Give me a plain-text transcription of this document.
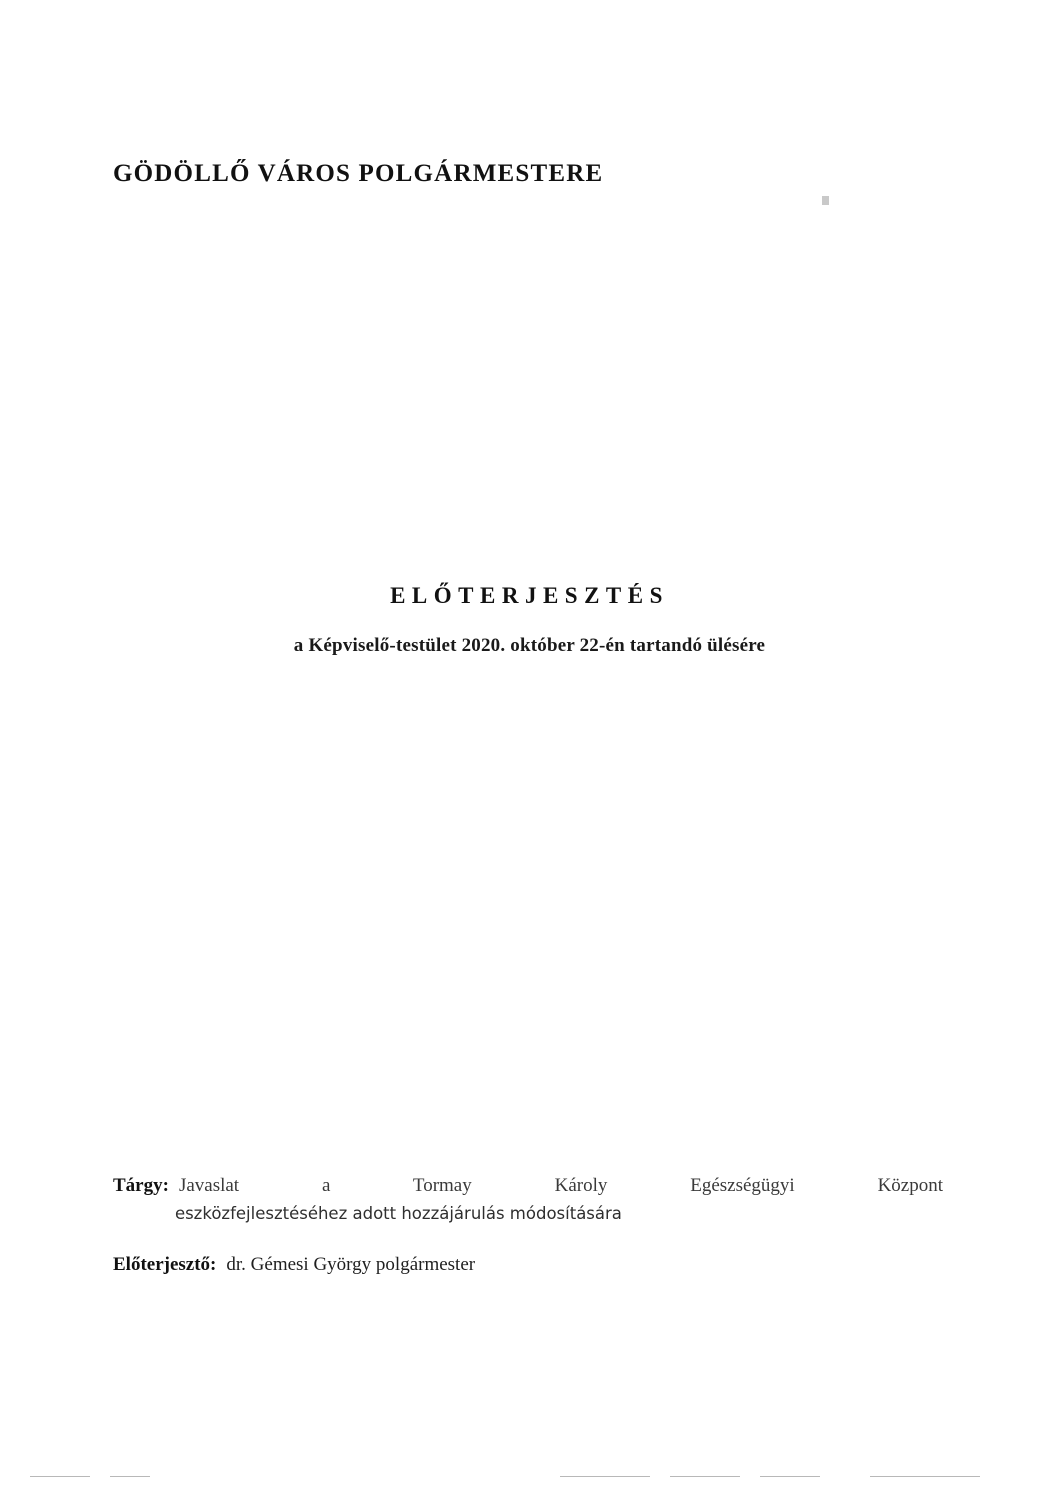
GÖDÖLLŐ VÁROS POLGÁRMESTERE
ELŐTERJESZTÉS
a Képviselő-testület 2020. október 22-én tartandó ülésére
Tárgy: Javaslat a Tormay Károly Egészségügyi Központ
eszközfejlesztéséhez adott hozzájárulás módosítására
Előterjesztő: dr. Gémesi György polgármester
